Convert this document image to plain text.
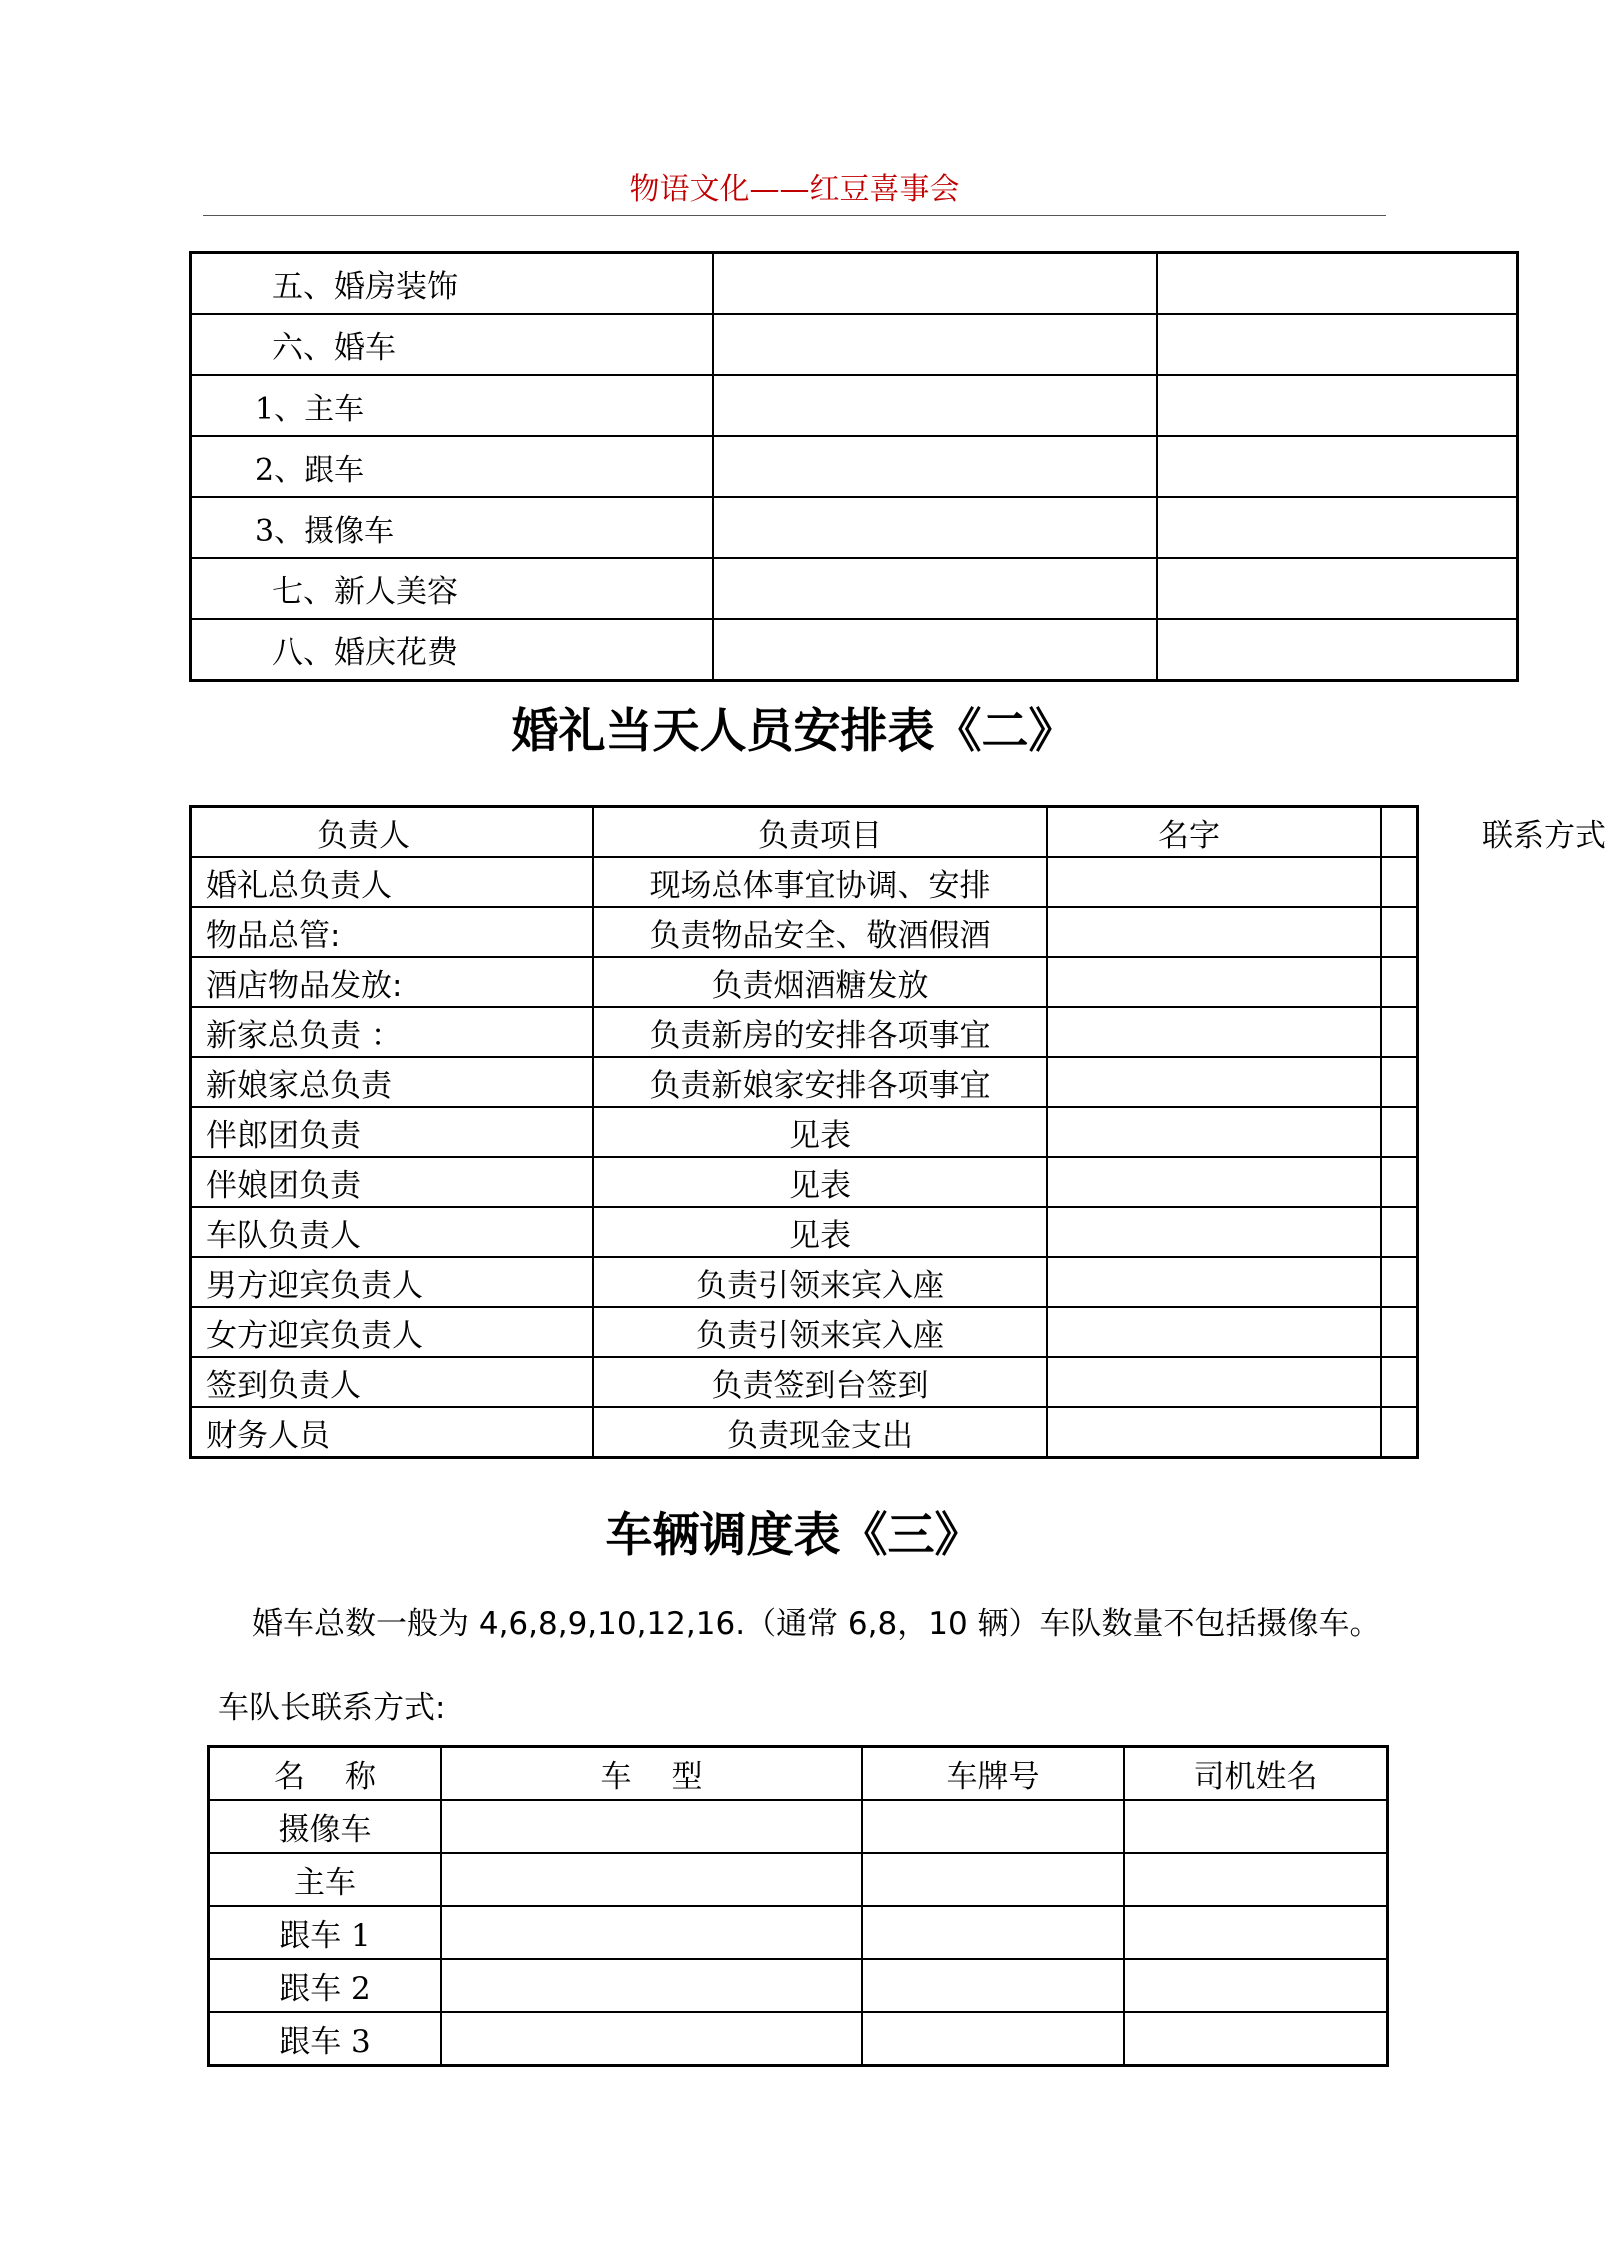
物语文化——红豆喜事会
五、婚房装饰		
六、婚车		
1、主车		
2、跟车		
3、摄像车		
七、新人美容		
八、婚庆花费		
婚礼当天人员安排表《二》
负责人	负责项目	名字	联系方式
婚礼总负责人	现场总体事宜协调、安排		
物品总管:	负责物品安全、敬酒假酒		
酒店物品发放:	负责烟酒糖发放		
新家总负责 ：	负责新房的安排各项事宜		
新娘家总负责	负责新娘家安排各项事宜		
伴郎团负责	见表		
伴娘团负责	见表		
车队负责人	见表		
男方迎宾负责人	负责引领来宾入座		
女方迎宾负责人	负责引领来宾入座		
签到负责人	负责签到台签到		
财务人员	负责现金支出		
车辆调度表《三》
婚车总数一般为 4,6,8,9,10,12,16.（通常 6,8，10 辆）车队数量不包括摄像车。
车队长联系方式:
名 称	车 型	车牌号	司机姓名
摄像车			
主车			
跟车 1			
跟车 2			
跟车 3			
